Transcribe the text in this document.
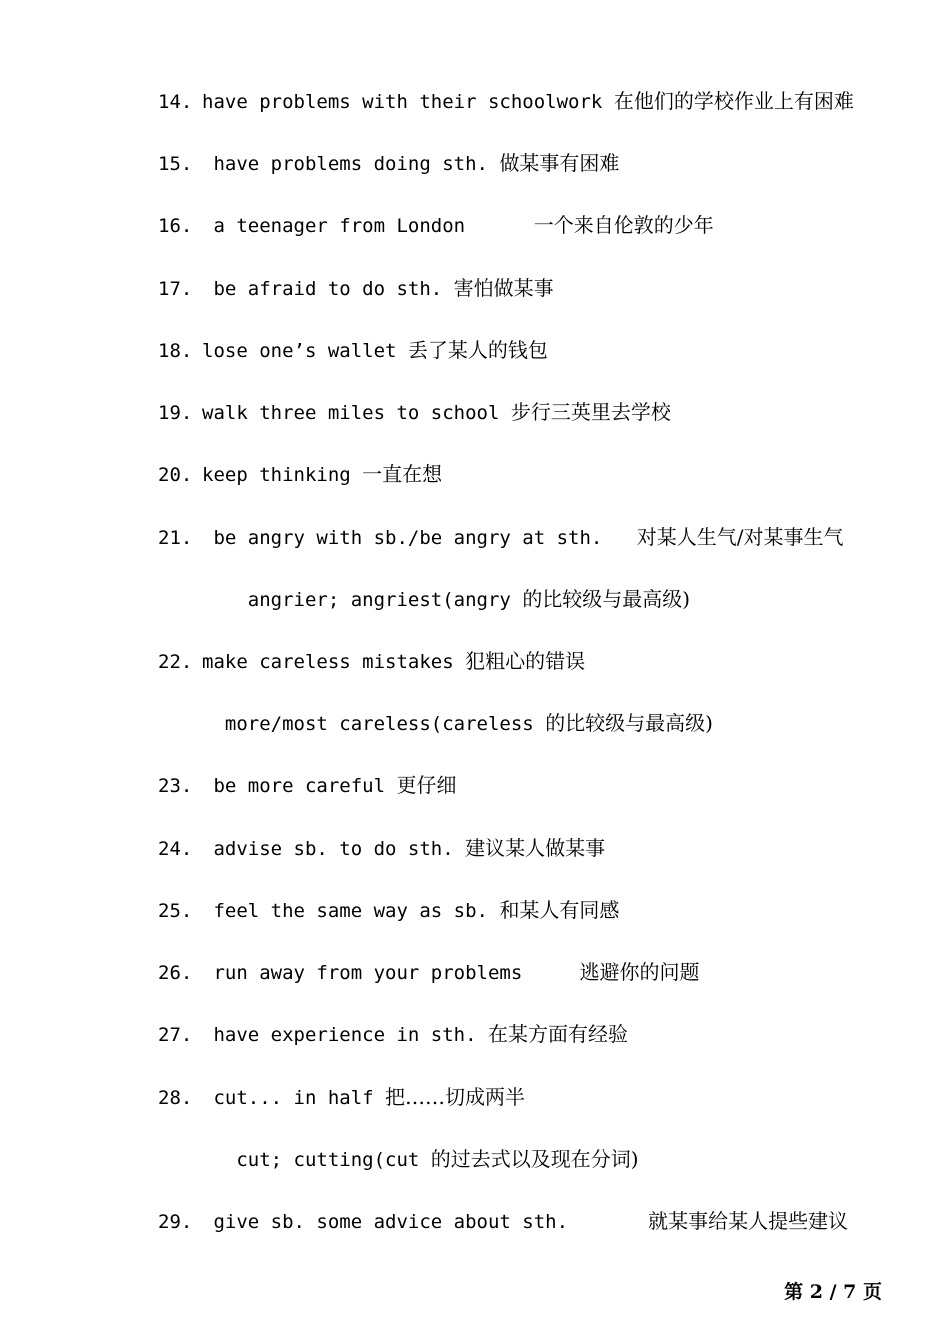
14. have problems with their schoolwork 在他们的学校作业上有困难
15. have problems doing sth. 做某事有困难
16. a teenager from London      一个来自伦敦的少年
17. be afraid to do sth. 害怕做某事
18. lose one’s wallet 丢了某人的钱包
19. walk three miles to school 步行三英里去学校
20. keep thinking 一直在想
21. be angry with sb./be angry at sth.   对某人生气/对某事生气
angrier; angriest(angry 的比较级与最高级)
22. make careless mistakes 犯粗心的错误
more/most careless(careless 的比较级与最高级)
23. be more careful 更仔细
24. advise sb. to do sth. 建议某人做某事
25. feel the same way as sb. 和某人有同感
26. run away from your problems     逃避你的问题
27. have experience in sth. 在某方面有经验
28. cut... in half 把……切成两半
cut; cutting(cut 的过去式以及现在分词)
29. give sb. some advice about sth.       就某事给某人提些建议
第 2 / 7 页
